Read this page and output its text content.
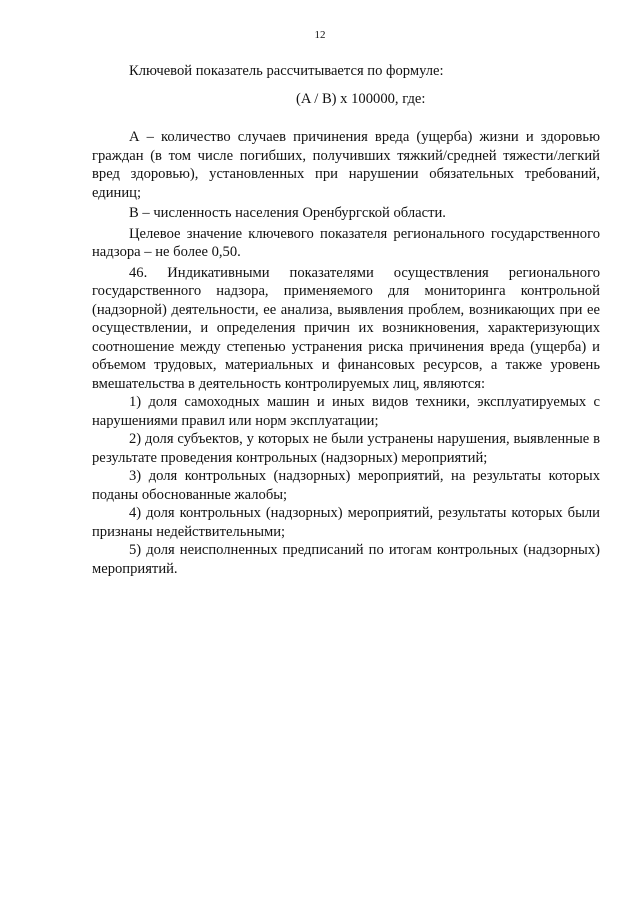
12

Ключевой показатель рассчитывается по формуле:

(A / B) x 100000, где:

А – количество случаев причинения вреда (ущерба) жизни и здоровью граждан (в том числе погибших, получивших тяжкий/средней тяжести/легкий вред здоровью), установленных при нарушении обязательных требований, единиц;

В – численность населения Оренбургской области.

Целевое значение ключевого показателя регионального государственного надзора – не более 0,50.

46. Индикативными показателями осуществления регионального государственного надзора, применяемого для мониторинга контрольной (надзорной) деятельности, ее анализа, выявления проблем, возникающих при ее осуществлении, и определения причин их возникновения, характеризующих соотношение между степенью устранения риска причинения вреда (ущерба) и объемом трудовых, материальных и финансовых ресурсов, а также уровень вмешательства в деятельность контролируемых лиц, являются:

1) доля самоходных машин и иных видов техники, эксплуатируемых с нарушениями правил или норм эксплуатации;

2) доля субъектов, у которых не были устранены нарушения, выявленные в результате проведения контрольных (надзорных) мероприятий;

3) доля контрольных (надзорных) мероприятий, на результаты которых поданы обоснованные жалобы;

4) доля контрольных (надзорных) мероприятий, результаты которых были признаны недействительными;

5) доля неисполненных предписаний по итогам контрольных (надзорных) мероприятий.
